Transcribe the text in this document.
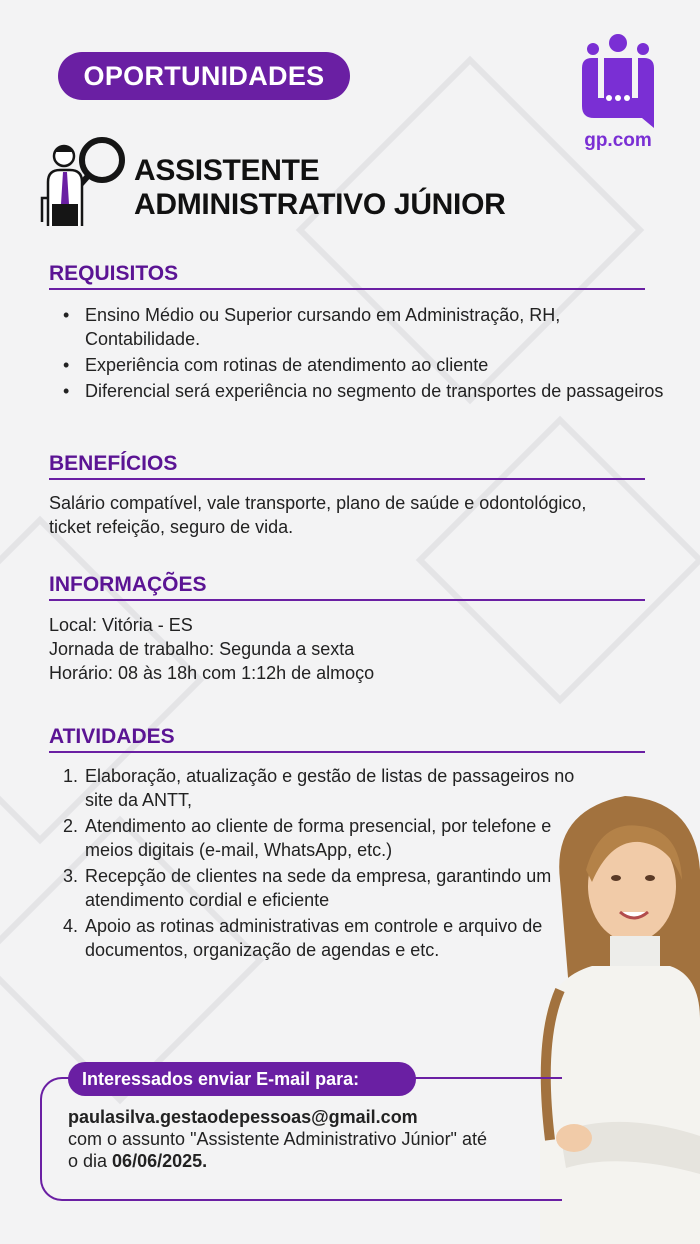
OPORTUNIDADES
gp.com
ASSISTENTE
ADMINISTRATIVO JÚNIOR
REQUISITOS
• Ensino Médio ou Superior cursando em Administração, RH, Contabilidade.
• Experiência com rotinas de atendimento ao cliente
• Diferencial será experiência no segmento de transportes de passageiros
BENEFÍCIOS

Salário compatível, vale transporte, plano de saúde e odontológico, ticket refeição, seguro de vida.

INFORMAÇÕES
Local: Vitória - ES
Jornada de trabalho: Segunda a sexta
Horário: 08 às 18h com 1:12h de almoço
ATIVIDADES
1. Elaboração, atualização e gestão de listas de passageiros no site da ANTT,
2. Atendimento ao cliente de forma presencial, por telefone e meios digitais (e-mail, WhatsApp, etc.)
3. Recepção de clientes na sede da empresa, garantindo um atendimento cordial e eficiente
4. Apoio as rotinas administrativas em controle e arquivo de documentos, organização de agendas e etc.
Interessados enviar E-mail para:
paulasilva.gestaodepessoas@gmail.com
com o assunto "Assistente Administrativo Júnior" até o dia 06/06/2025.
